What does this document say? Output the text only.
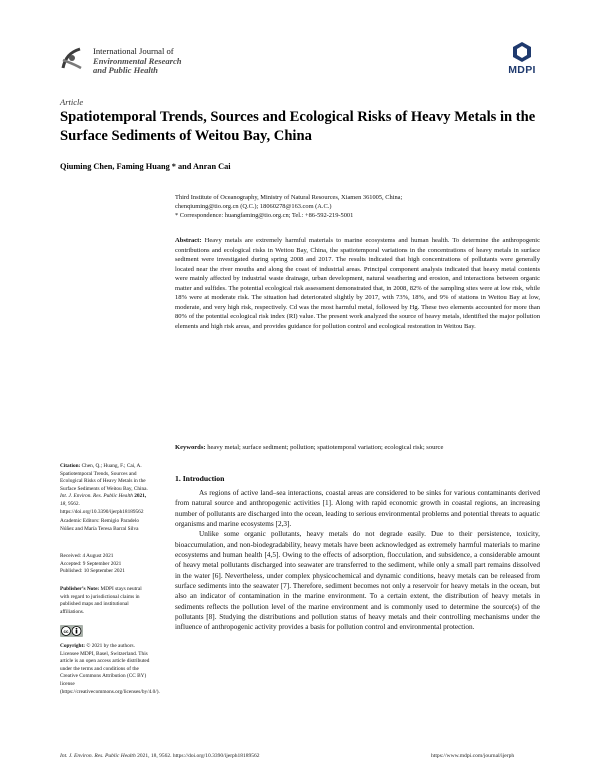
International Journal of
Environmental Research
and Public Health	MDPI
Article
Spatiotemporal Trends, Sources and Ecological Risks of Heavy Metals in the Surface Sediments of Weitou Bay, China
Qiuming Chen, Faming Huang * and Anran Cai
Third Institute of Oceanography, Ministry of Natural Resources, Xiamen 361005, China;
chenqiuming@tio.org.cn (Q.C.); 18060278@163.com (A.C.)
* Correspondence: huangfaming@tio.org.cn; Tel.: +86-592-219-5001
Abstract: Heavy metals are extremely harmful materials to marine ecosystems and human health. To determine the anthropogenic contributions and ecological risks in Weitou Bay, China, the spatiotemporal variations in the concentrations of heavy metals in surface sediment were investigated during spring 2008 and 2017. The results indicated that high concentrations of pollutants were generally located near the river mouths and along the coast of industrial areas. Principal component analysis indicated that heavy metal contents were mainly affected by industrial waste drainage, urban development, natural weathering and erosion, and interactions between organic matter and sulfides. The potential ecological risk assessment demonstrated that, in 2008, 82% of the sampling sites were at low risk, while 18% were at moderate risk. The situation had deteriorated slightly by 2017, with 73%, 18%, and 9% of stations in Weitou Bay at low, moderate, and very high risk, respectively. Cd was the most harmful metal, followed by Hg. These two elements accounted for more than 80% of the potential ecological risk index (RI) value. The present work analyzed the source of heavy metals, identified the major pollution elements and high risk areas, and provides guidance for pollution control and ecological restoration in Weitou Bay.
Keywords: heavy metal; surface sediment; pollution; spatiotemporal variation; ecological risk; source
Citation: Chen, Q.; Huang, F.; Cai, A. Spatiotemporal Trends, Sources and Ecological Risks of Heavy Metals in the Surface Sediments of Weitou Bay, China. Int. J. Environ. Res. Public Health 2021, 18, 9562. https://doi.org/10.3390/ijerph18189562
Academic Editors: Remigio Paradelo Núñez and María Teresa Barral Silva
Received: 4 August 2021
Accepted: 9 September 2021
Published: 10 September 2021
Publisher’s Note: MDPI stays neutral with regard to jurisdictional claims in published maps and institutional affiliations.
cc
Copyright: © 2021 by the authors. Licensee MDPI, Basel, Switzerland. This article is an open access article distributed under the terms and conditions of the Creative Commons Attribution (CC BY) license (https://creativecommons.org/licenses/by/4.0/).
1. Introduction

As regions of active land–sea interactions, coastal areas are considered to be sinks for various contaminants derived from natural source and anthropogenic activities [1]. Along with rapid economic growth in coastal regions, an increasing number of pollutants are discharged into the ocean, leading to serious environmental problems and potential threats to aquatic organisms and marine ecosystems [2,3].

Unlike some organic pollutants, heavy metals do not degrade easily. Due to their persistence, toxicity, bioaccumulation, and non-biodegradability, heavy metals have been acknowledged as extremely harmful materials to marine ecosystems and human health [4,5]. Owing to the effects of adsorption, flocculation, and subsidence, a considerable amount of heavy metal pollutants discharged into seawater are transferred to the sediment, while only a small part remains dissolved in the water [6]. Nevertheless, under complex physicochemical and dynamic conditions, heavy metals can be released from surface sediments into the seawater [7]. Therefore, sediment becomes not only a reservoir for heavy metals in the ocean, but also an indicator of contamination in the marine environment. To a certain extent, the distribution of heavy metals in sediments reflects the pollution level of the marine environment and is commonly used to determine the source(s) of the pollutants [8]. Studying the distributions and pollution status of heavy metals and their controlling mechanisms under the influence of anthropogenic activity provides a basis for pollution control and environmental protection.

Int. J. Environ. Res. Public Health 2021, 18, 9562. https://doi.org/10.3390/ijerph18189562	https://www.mdpi.com/journal/ijerph
